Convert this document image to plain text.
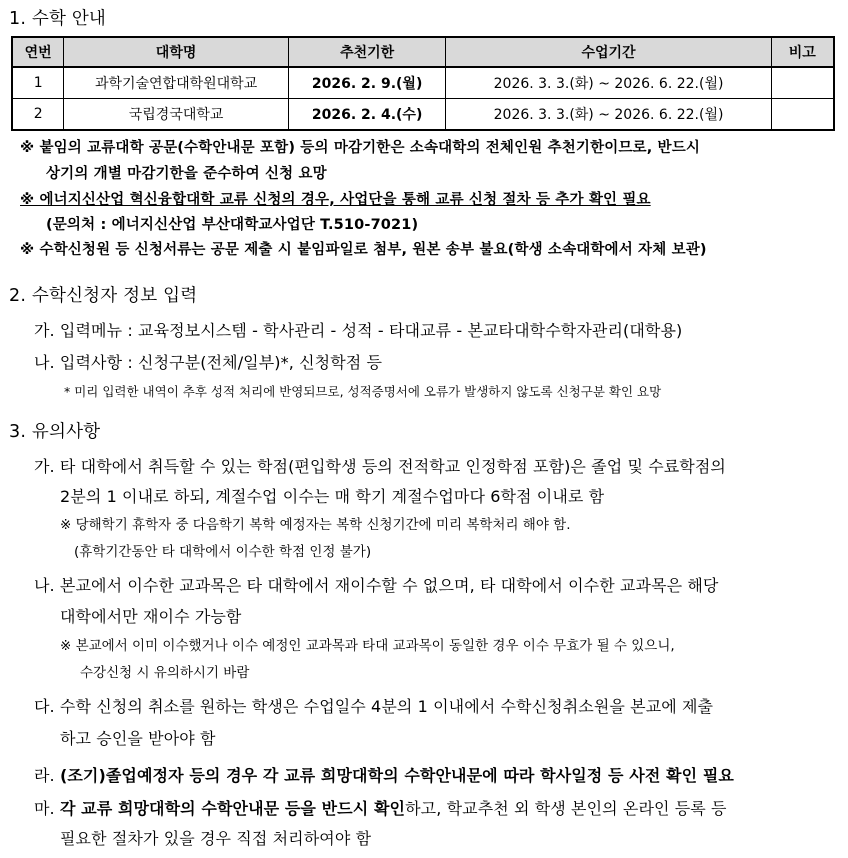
1. 수학 안내
연번	대학명	추천기한	수업기간	비고
1	과학기술연합대학원대학교	2026. 2. 9.(월)	2026. 3. 3.(화) ~ 2026. 6. 22.(월)	
2	국립경국대학교	2026. 2. 4.(수)	2026. 3. 3.(화) ~ 2026. 6. 22.(월)	
※ 붙임의 교류대학 공문(수학안내문 포함) 등의 마감기한은 소속대학의 전체인원 추천기한이므로, 반드시
상기의 개별 마감기한을 준수하여 신청 요망
※ 에너지신산업 혁신융합대학 교류 신청의 경우, 사업단을 통해 교류 신청 절차 등 추가 확인 필요
(문의처 : 에너지신산업 부산대학교사업단 T.510-7021)
※ 수학신청원 등 신청서류는 공문 제출 시 붙임파일로 첨부, 원본 송부 불요(학생 소속대학에서 자체 보관)
2. 수학신청자 정보 입력
가. 입력메뉴 : 교육정보시스템 - 학사관리 - 성적 - 타대교류 - 본교타대학수학자관리(대학용)
나. 입력사항 : 신청구분(전체/일부)*, 신청학점 등
* 미리 입력한 내역이 추후 성적 처리에 반영되므로, 성적증명서에 오류가 발생하지 않도록 신청구분 확인 요망
3. 유의사항
가. 타 대학에서 취득할 수 있는 학점(편입학생 등의 전적학교 인정학점 포함)은 졸업 및 수료학점의
2분의 1 이내로 하되, 계절수업 이수는 매 학기 계절수업마다 6학점 이내로 함
※ 당해학기 휴학자 중 다음학기 복학 예정자는 복학 신청기간에 미리 복학처리 해야 함.
(휴학기간동안 타 대학에서 이수한 학점 인정 불가)
나. 본교에서 이수한 교과목은 타 대학에서 재이수할 수 없으며, 타 대학에서 이수한 교과목은 해당
대학에서만 재이수 가능함
※ 본교에서 이미 이수했거나 이수 예정인 교과목과 타대 교과목이 동일한 경우 이수 무효가 될 수 있으니,
수강신청 시 유의하시기 바람
다. 수학 신청의 취소를 원하는 학생은 수업일수 4분의 1 이내에서 수학신청취소원을 본교에 제출
하고 승인을 받아야 함
라. (조기)졸업예정자 등의 경우 각 교류 희망대학의 수학안내문에 따라 학사일정 등 사전 확인 필요
마. 각 교류 희망대학의 수학안내문 등을 반드시 확인하고, 학교추천 외 학생 본인의 온라인 등록 등
필요한 절차가 있을 경우 직접 처리하여야 함
